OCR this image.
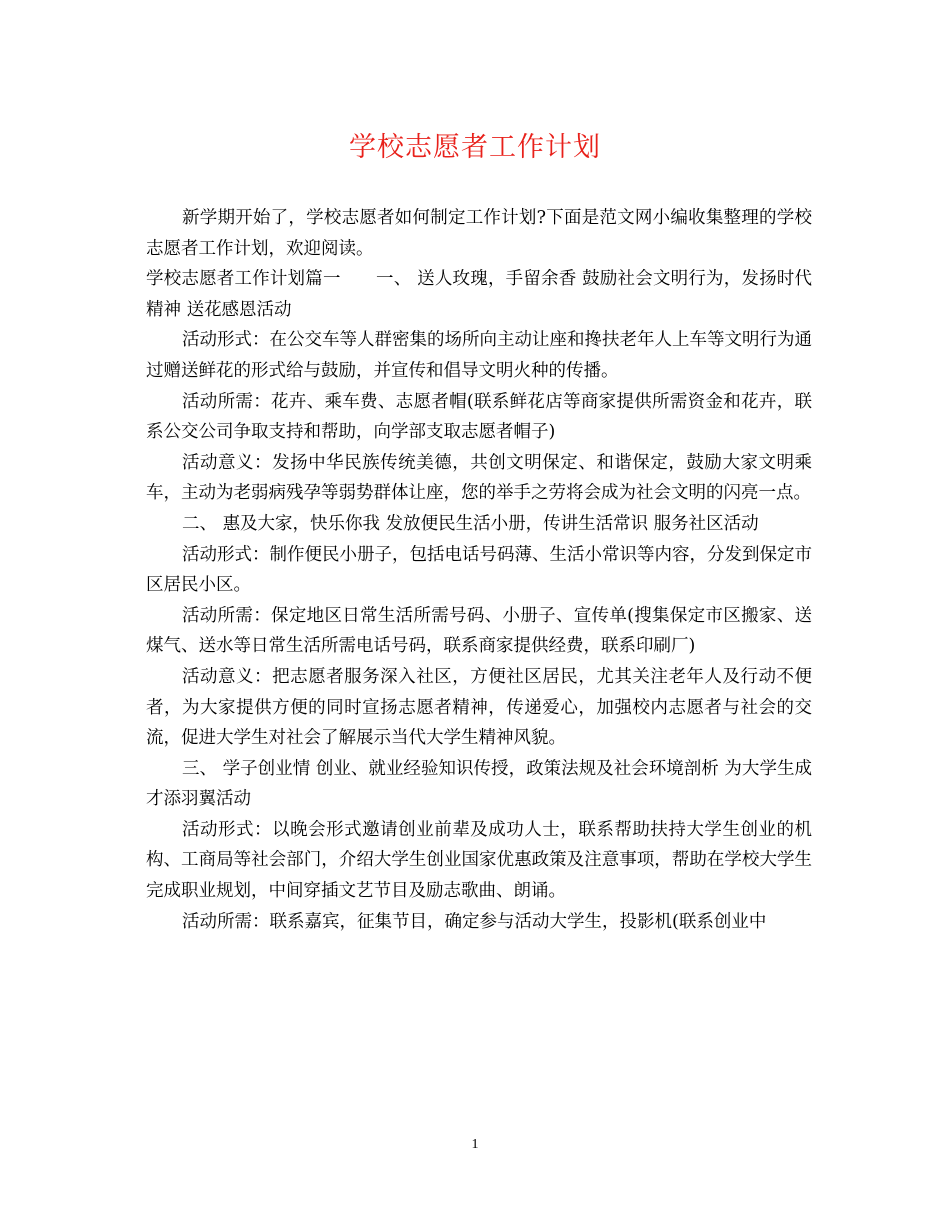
学校志愿者工作计划

新学期开始了，学校志愿者如何制定工作计划?下面是范文网小编收集整理的学校志愿者工作计划，欢迎阅读。

学校志愿者工作计划篇一　　一、 送人玫瑰，手留余香 鼓励社会文明行为，发扬时代精神 送花感恩活动

活动形式：在公交车等人群密集的场所向主动让座和搀扶老年人上车等文明行为通过赠送鲜花的形式给与鼓励，并宣传和倡导文明火种的传播。

活动所需：花卉、乘车费、志愿者帽(联系鲜花店等商家提供所需资金和花卉，联系公交公司争取支持和帮助，向学部支取志愿者帽子)

活动意义：发扬中华民族传统美德，共创文明保定、和谐保定，鼓励大家文明乘车，主动为老弱病残孕等弱势群体让座，您的举手之劳将会成为社会文明的闪亮一点。

二、 惠及大家，快乐你我 发放便民生活小册，传讲生活常识 服务社区活动

活动形式：制作便民小册子，包括电话号码薄、生活小常识等内容，分发到保定市区居民小区。

活动所需：保定地区日常生活所需号码、小册子、宣传单(搜集保定市区搬家、送煤气、送水等日常生活所需电话号码，联系商家提供经费，联系印刷厂)

活动意义：把志愿者服务深入社区，方便社区居民，尤其关注老年人及行动不便者，为大家提供方便的同时宣扬志愿者精神，传递爱心，加强校内志愿者与社会的交流，促进大学生对社会了解展示当代大学生精神风貌。

三、 学子创业情 创业、就业经验知识传授，政策法规及社会环境剖析 为大学生成才添羽翼活动

活动形式：以晚会形式邀请创业前辈及成功人士，联系帮助扶持大学生创业的机构、工商局等社会部门，介绍大学生创业国家优惠政策及注意事项，帮助在学校大学生完成职业规划，中间穿插文艺节目及励志歌曲、朗诵。

活动所需：联系嘉宾，征集节目，确定参与活动大学生，投影机(联系创业中

1
